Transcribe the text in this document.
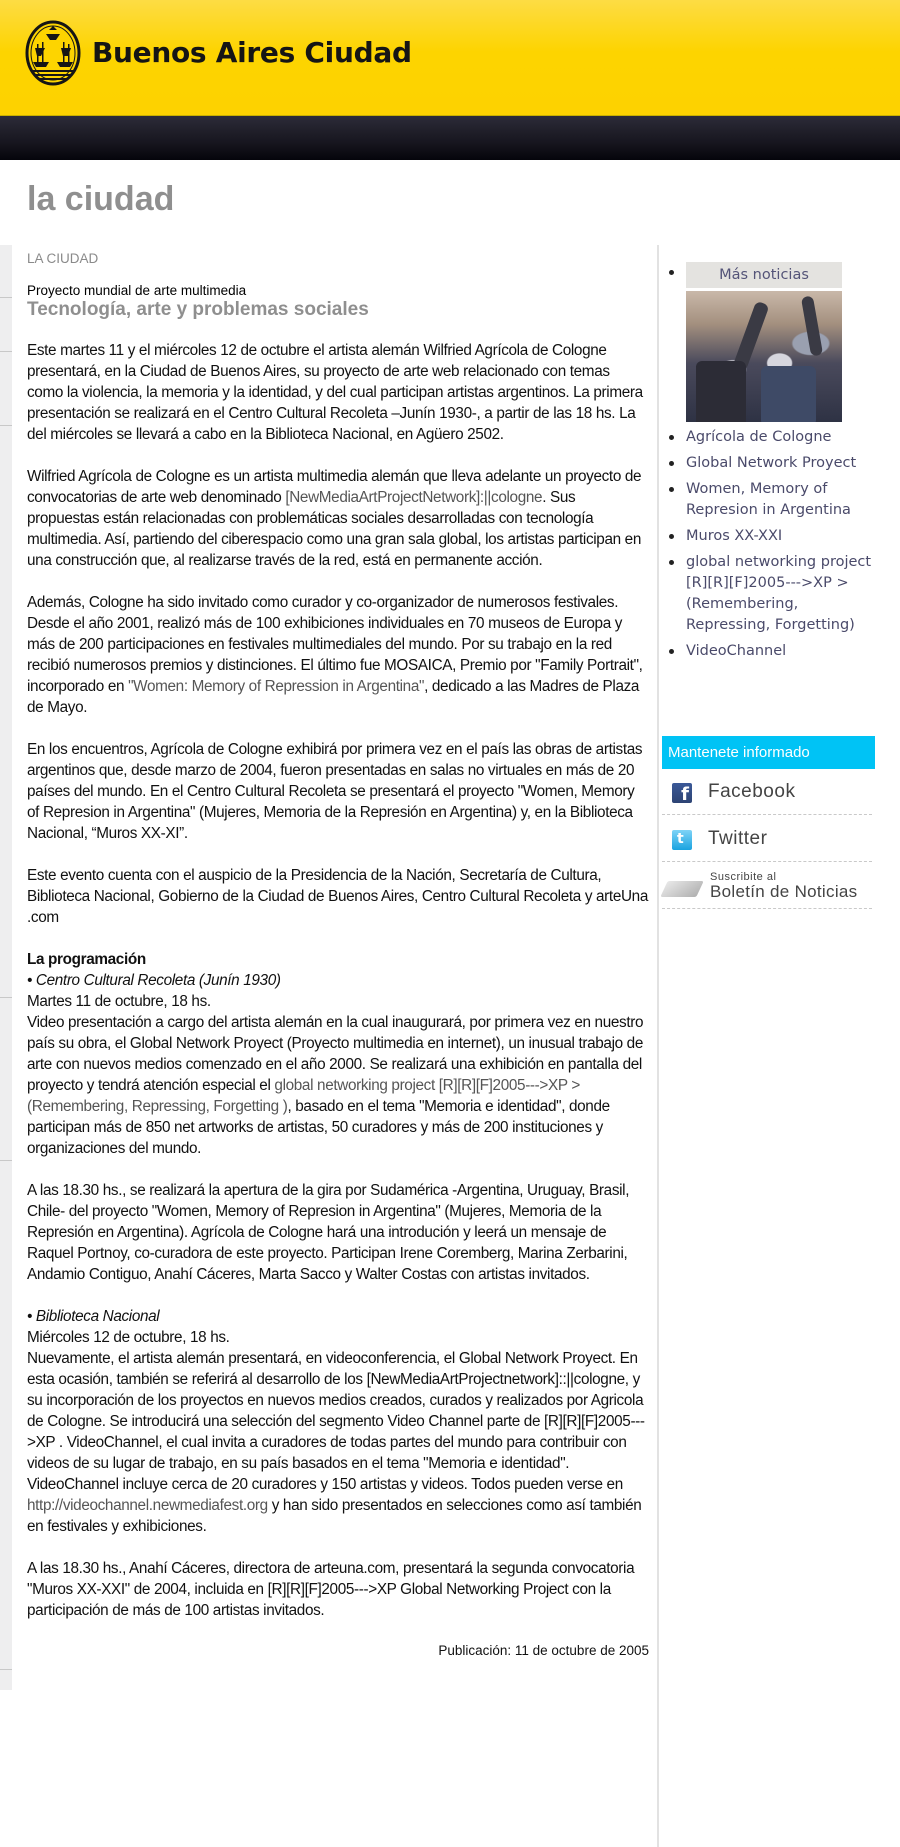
Buenos Aires Ciudad
la ciudad
LA CIUDAD
Proyecto mundial de arte multimedia
Tecnología, arte y problemas sociales

Este martes 11 y el miércoles 12 de octubre el artista alemán Wilfried Agrícola de Cologne presentará, en la Ciudad de Buenos Aires, su proyecto de arte web relacionado con temas como la violencia, la memoria y la identidad, y del cual participan artistas argentinos. La primera presentación se realizará en el Centro Cultural Recoleta –Junín 1930-, a partir de las 18 hs. La del miércoles se llevará a cabo en la Biblioteca Nacional, en Agüero 2502.

Wilfried Agrícola de Cologne es un artista multimedia alemán que lleva adelante un proyecto de convocatorias de arte web denominado [NewMediaArtProjectNetwork]:||cologne. Sus propuestas están relacionadas con problemáticas sociales desarrolladas con tecnología multimedia. Así, partiendo del ciberespacio como una gran sala global, los artistas participan en una construcción que, al realizarse través de la red, está en permanente acción.

Además, Cologne ha sido invitado como curador y co-organizador de numerosos festivales. Desde el año 2001, realizó más de 100 exhibiciones individuales en 70 museos de Europa y más de 200 participaciones en festivales multimediales del mundo. Por su trabajo en la red recibió numerosos premios y distinciones. El último fue MOSAICA, Premio por "Family Portrait", incorporado en "Women: Memory of Repression in Argentina", dedicado a las Madres de Plaza de Mayo.

En los encuentros, Agrícola de Cologne exhibirá por primera vez en el país las obras de artistas argentinos que, desde marzo de 2004, fueron presentadas en salas no virtuales en más de 20 países del mundo. En el Centro Cultural Recoleta se presentará el proyecto "Women, Memory of Represion in Argentina" (Mujeres, Memoria de la Represión en Argentina) y, en la Biblioteca Nacional, “Muros XX-XI”.

Este evento cuenta con el auspicio de la Presidencia de la Nación, Secretaría de Cultura, Biblioteca Nacional, Gobierno de la Ciudad de Buenos Aires, Centro Cultural Recoleta y arteUna .com

La programación
• Centro Cultural Recoleta (Junín 1930)
Martes 11 de octubre, 18 hs.
Video presentación a cargo del artista alemán en la cual inaugurará, por primera vez en nuestro país su obra, el Global Network Proyect (Proyecto multimedia en internet), un inusual trabajo de arte con nuevos medios comenzado en el año 2000. Se realizará una exhibición en pantalla del proyecto y tendrá atención especial el global networking project [R][R][F]2005--->XP > (Remembering, Repressing, Forgetting ), basado en el tema "Memoria e identidad", donde participan más de 850 net artworks de artistas, 50 curadores y más de 200 instituciones y organizaciones del mundo.

A las 18.30 hs., se realizará la apertura de la gira por Sudamérica -Argentina, Uruguay, Brasil, Chile- del proyecto "Women, Memory of Represion in Argentina" (Mujeres, Memoria de la Represión en Argentina). Agrícola de Cologne hará una introdución y leerá un mensaje de Raquel Portnoy, co-curadora de este proyecto. Participan Irene Coremberg, Marina Zerbarini, Andamio Contiguo, Anahí Cáceres, Marta Sacco y Walter Costas con artistas invitados.

• Biblioteca Nacional
Miércoles 12 de octubre, 18 hs.
Nuevamente, el artista alemán presentará, en videoconferencia, el Global Network Proyect. En esta ocasión, también se referirá al desarrollo de los [NewMediaArtProjectnetwork]::||cologne, y su incorporación de los proyectos en nuevos medios creados, curados y realizados por Agricola de Cologne. Se introducirá una selección del segmento Video Channel parte de [R][R][F]2005--->XP . VideoChannel, el cual invita a curadores de todas partes del mundo para contribuir con videos de su lugar de trabajo, en su país basados en el tema "Memoria e identidad". VideoChannel incluye cerca de 20 curadores y 150 artistas y videos. Todos pueden verse en http://videochannel.newmediafest.org y han sido presentados en selecciones como así también en festivales y exhibiciones.

A las 18.30 hs., Anahí Cáceres, directora de arteuna.com, presentará la segunda convocatoria "Muros XX-XXI" de 2004, incluida en [R][R][F]2005--->XP Global Networking Project con la participación de más de 100 artistas invitados.

Publicación: 11 de octubre de 2005
Más noticias
Agrícola de Cologne
Global Network Proyect
Women, Memory of Represion in Argentina
Muros XX-XXI
global networking project [R][R][F]2005--->XP > (Remembering, Repressing, Forgetting)
VideoChannel
Mantenete informado
f Facebook
t Twitter
Suscribite al
Boletín de Noticias
